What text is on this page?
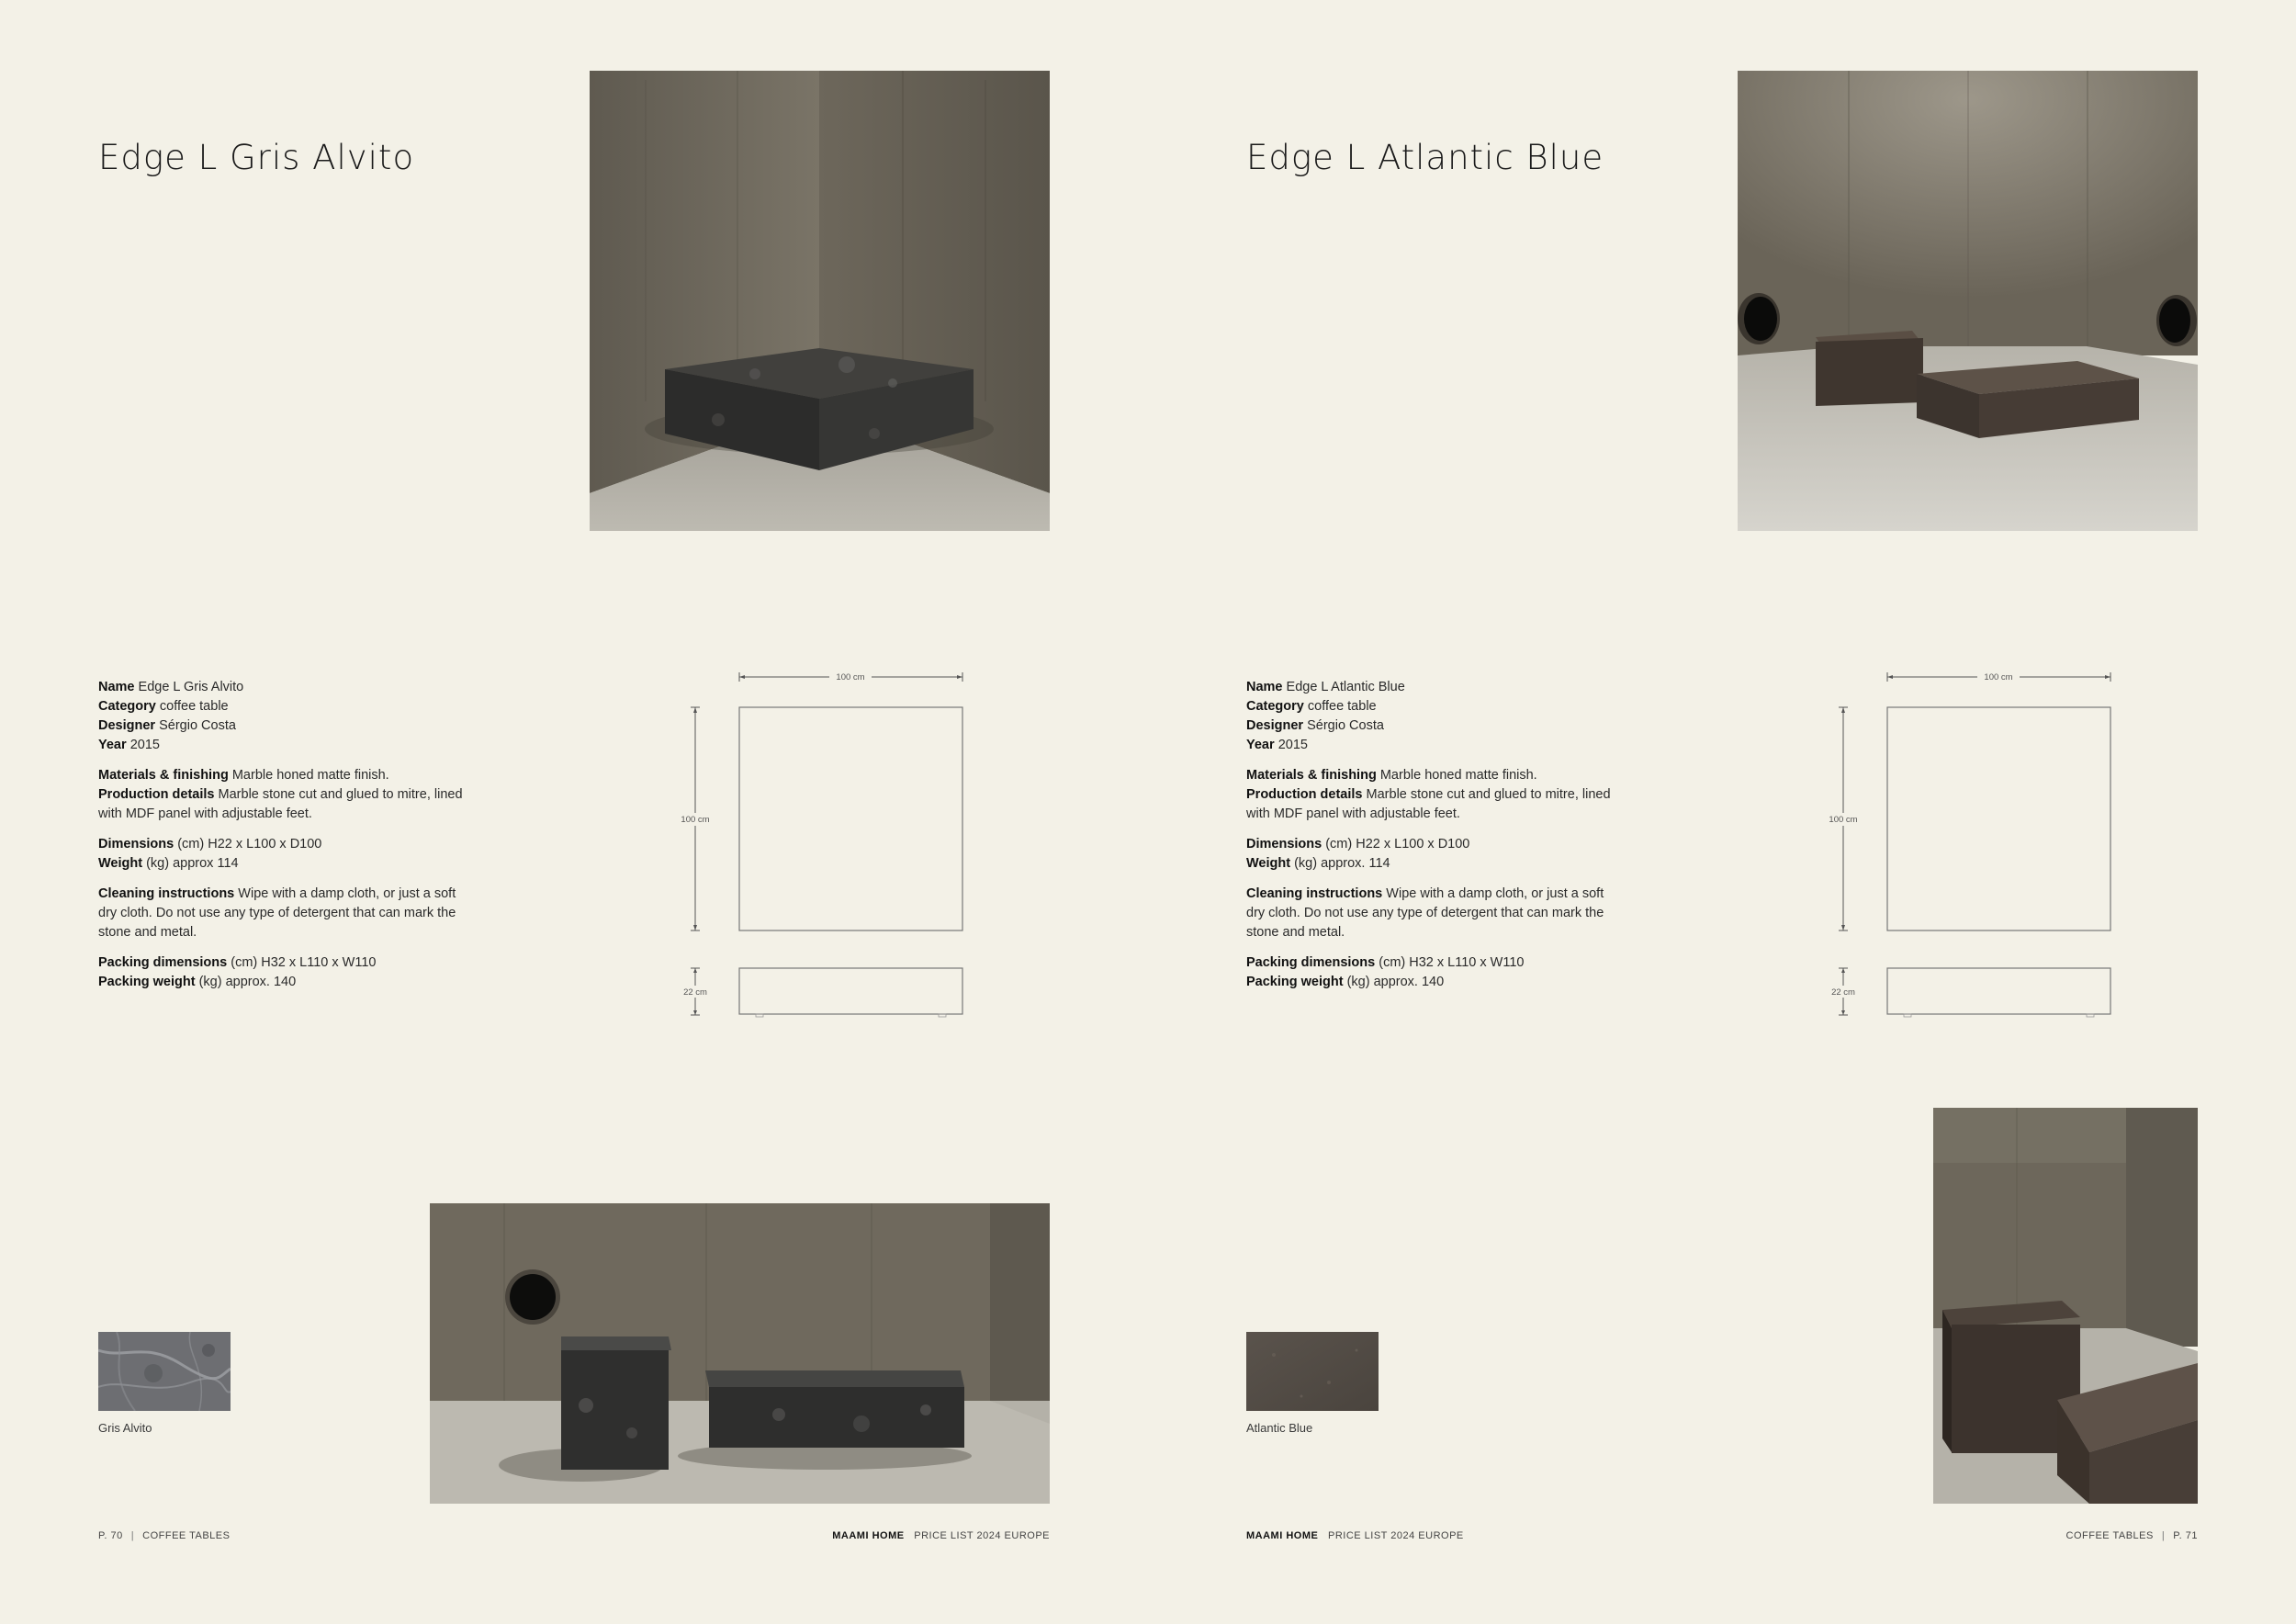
Edge L Gris Alvito

Name Edge L Gris Alvito
Category coffee table
Designer Sérgio Costa
Year 2015

Materials & finishing Marble honed matte finish.
Production details Marble stone cut and glued to mitre, lined with MDF panel with adjustable feet.

Dimensions (cm) H22 x L100 x D100
Weight (kg) approx 114

Cleaning instructions Wipe with a damp cloth, or just a soft dry cloth. Do not use any type of detergent that can mark the stone and metal.

Packing dimensions (cm) H32 x L110 x W110
Packing weight (kg) approx. 140

100 cm
100 cm
22 cm
Gris Alvito
P. 70 | COFFEE TABLES	MAAMI HOME PRICE LIST 2024 EUROPE
Edge L Atlantic Blue

Name Edge L Atlantic Blue
Category coffee table
Designer Sérgio Costa
Year 2015

Materials & finishing Marble honed matte finish.
Production details Marble stone cut and glued to mitre, lined with MDF panel with adjustable feet.

Dimensions (cm) H22 x L100 x D100
Weight (kg) approx. 114

Cleaning instructions Wipe with a damp cloth, or just a soft dry cloth. Do not use any type of detergent that can mark the stone and metal.

Packing dimensions (cm) H32 x L110 x W110
Packing weight (kg) approx. 140

100 cm
100 cm
22 cm
Atlantic Blue
MAAMI HOME PRICE LIST 2024 EUROPE	COFFEE TABLES | P. 71
